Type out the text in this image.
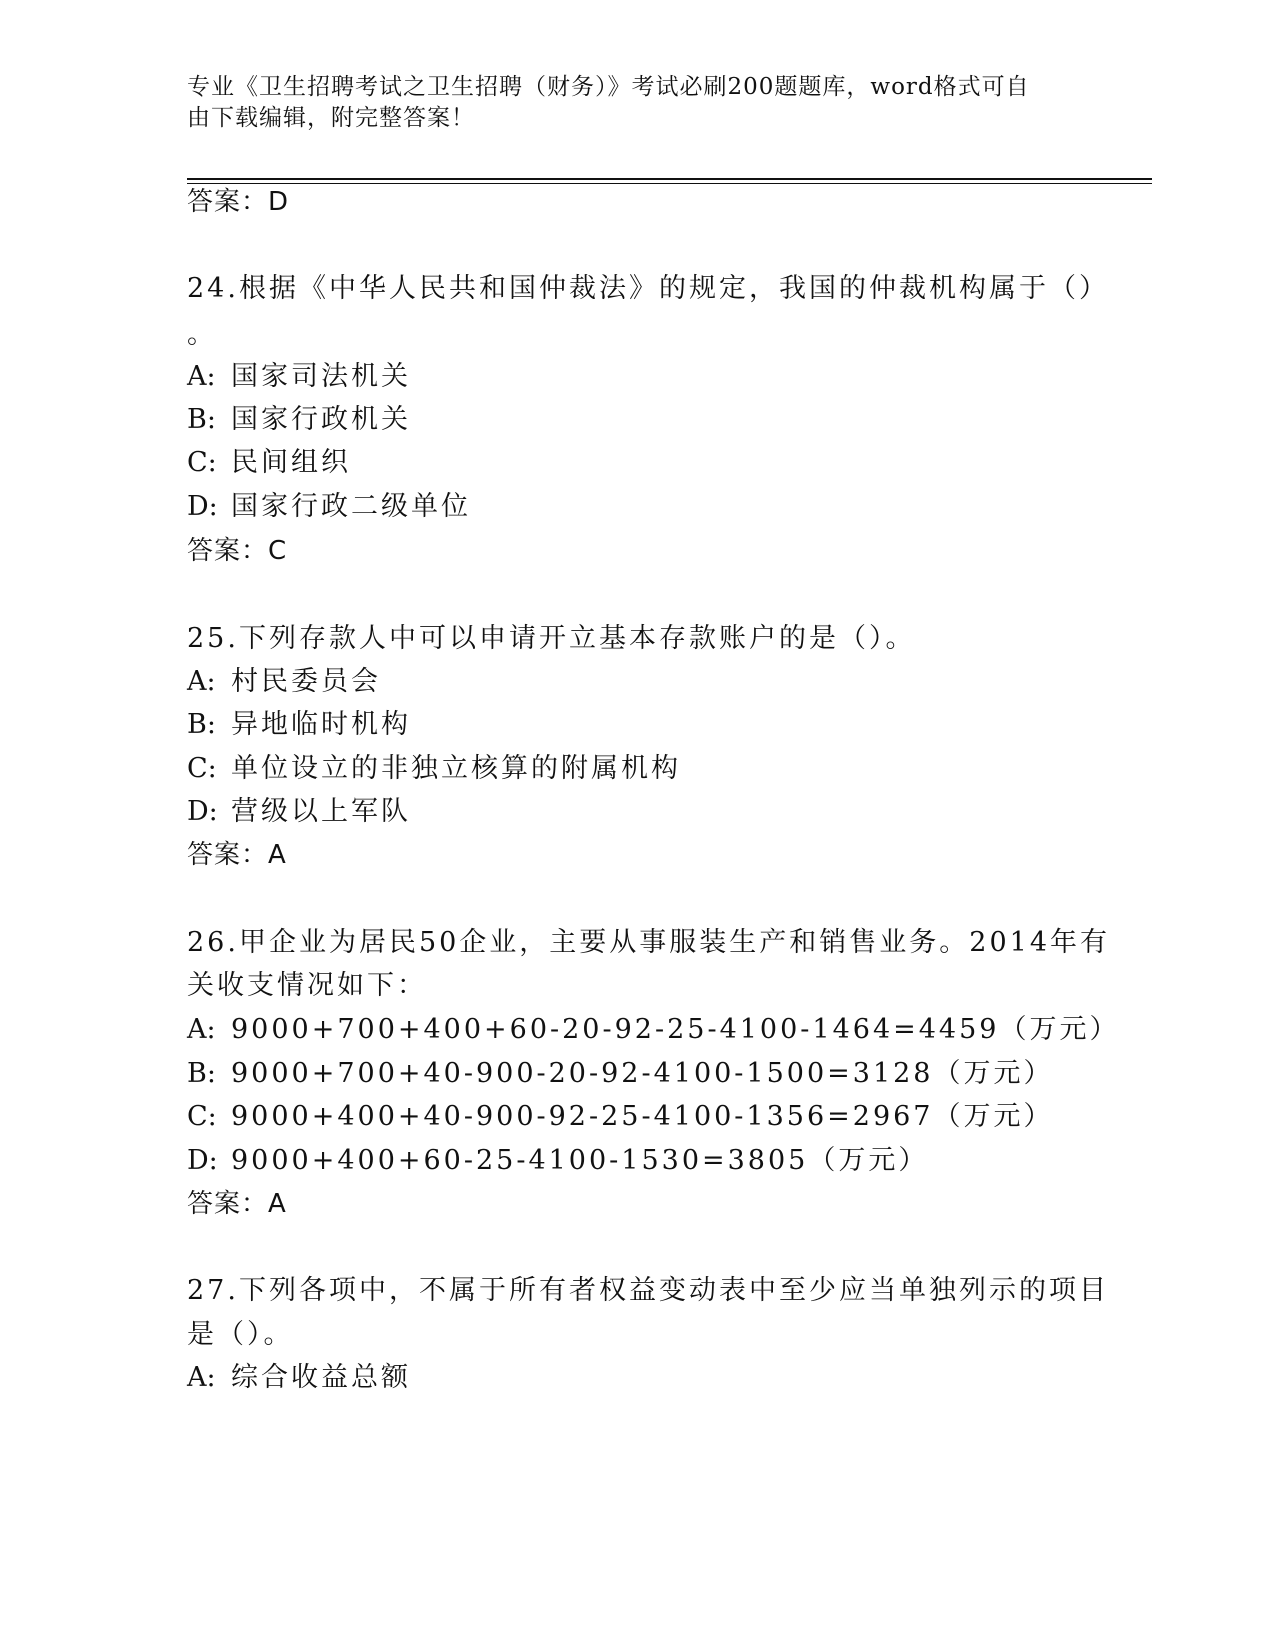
专业《卫生招聘考试之卫生招聘（财务）》考试必刷200题题库，word格式可自
由下载编辑，附完整答案！
答案：D
24.根据《中华人民共和国仲裁法》的规定，我国的仲裁机构属于（）
。
A: 国家司法机关
B: 国家行政机关
C: 民间组织
D: 国家行政二级单位
答案：C
25.下列存款人中可以申请开立基本存款账户的是（）。
A: 村民委员会
B: 异地临时机构
C: 单位设立的非独立核算的附属机构
D: 营级以上军队
答案：A
26.甲企业为居民50企业，主要从事服装生产和销售业务。2014年有
关收支情况如下：
A: 9000+700+400+60-20-92-25-4100-1464=4459（万元）
B: 9000+700+40-900-20-92-4100-1500=3128（万元）
C: 9000+400+40-900-92-25-4100-1356=2967（万元）
D: 9000+400+60-25-4100-1530=3805（万元）
答案：A
27.下列各项中，不属于所有者权益变动表中至少应当单独列示的项目
是（）。
A: 综合收益总额
